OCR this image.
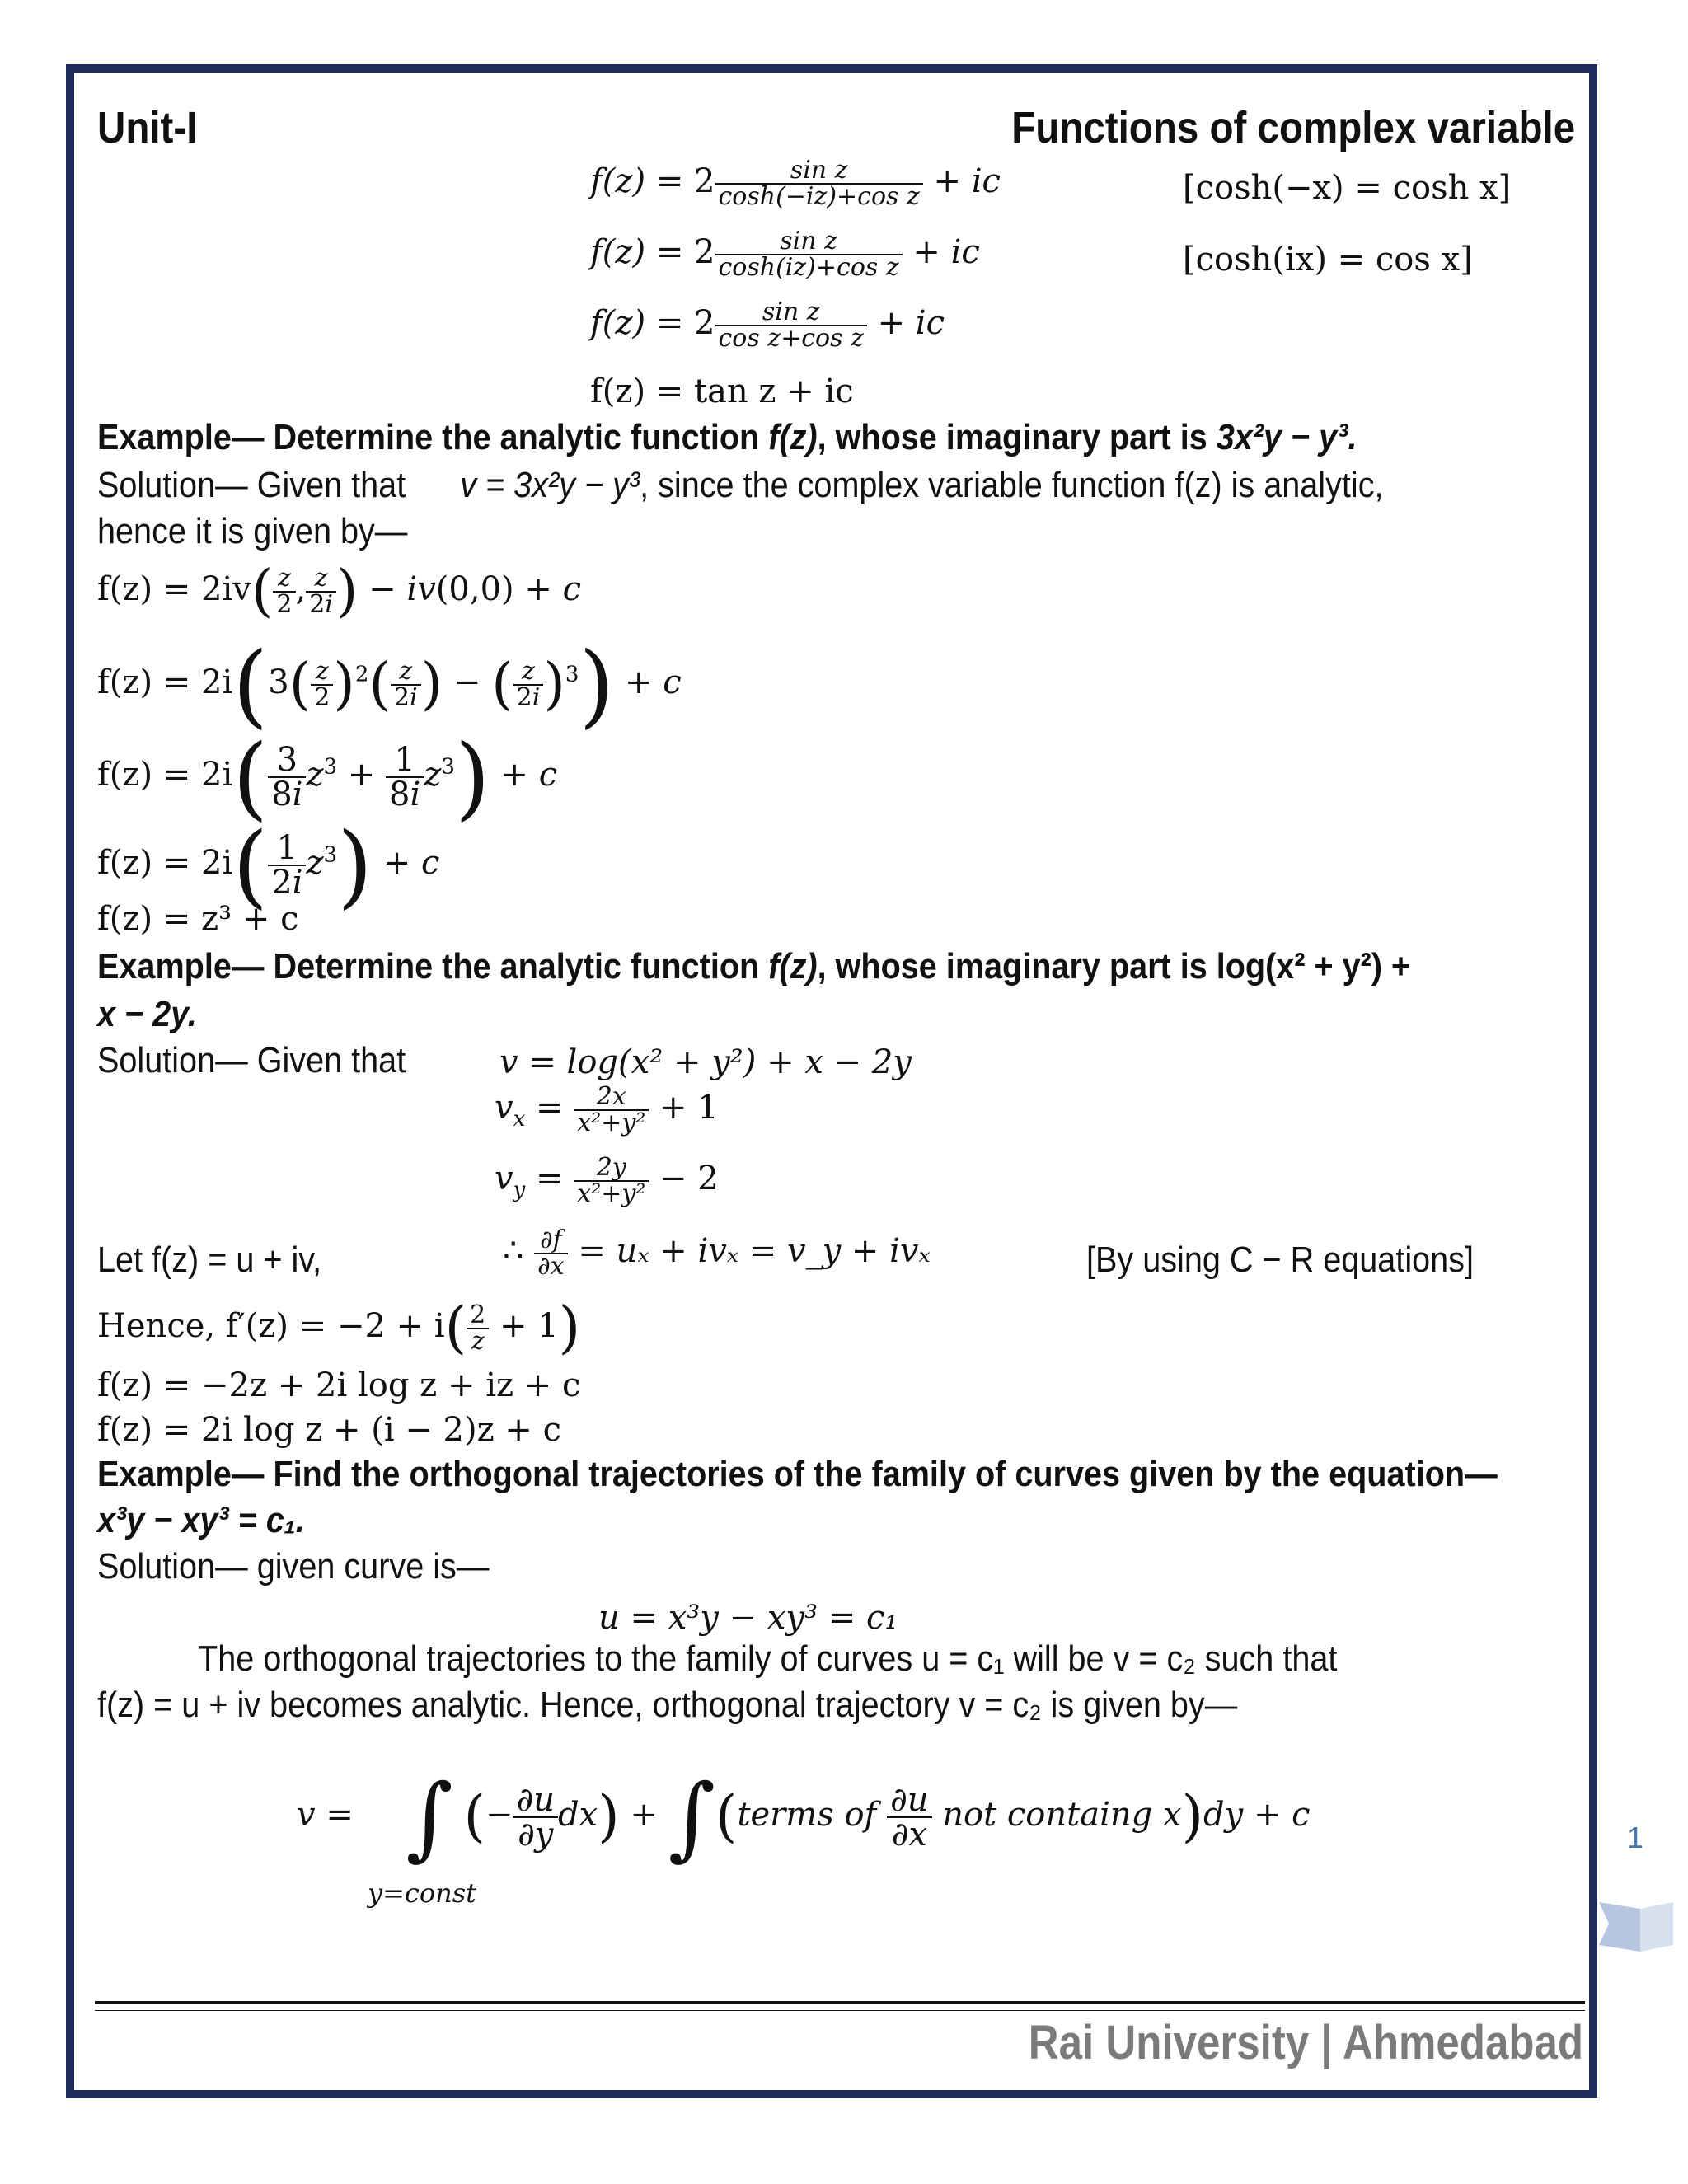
Unit-I	Functions of complex variable
$f(z) = 2 \frac{\text{sin z}}{\text{cosh(−iz)+cos z}}$ + ic	[cosh(−x) = cosh x]
$f(z) = 2 \frac{\text{sin z}}{\text{cosh(iz)+cos z}}$ + ic	[cosh(ix) = cos x]
$f(z) = 2 \frac{\text{sin z}}{\text{cos z+cos z}}$ + ic
f(z) = tan z + ic
Example— Determine the analytic function f(z), whose imaginary part is 3x²y − y³.
Solution— Given that v = 3x²y − y³, since the complex variable function f(z) is analytic,
hence it is given by—
$f(z) = 2iv( \frac{z}{2}$ , $\frac{z}{2i}$ ) − iv(0,0) + c
$f(z) = 2i(3( \frac{z}{2} )^2( \frac{z}{2i}$ ) − ( $\frac{z}{2i} )^3) + c$
$f(z) = 2i( \frac{3}{8i} z^3 + \frac{1}{8i} z^3) + c$
$f(z) = 2i( \frac{1}{2i} z^3) + c$
f(z) = z³ + c
Example— Determine the analytic function f(z), whose imaginary part is log(x² + y²) +
x − 2y.
Solution— Given that	v = log(x² + y²) + x − 2y
$v_x = \frac{2x}{\text{x²+y²}} + 1$
$v_y = \frac{2y}{\text{x²+y²}} - 2$
Let f(z) = u + iv,	∴ $\frac{\partial f}{\partial x} = u_x + iv_x$ = v_y + ivₓ	[By using C − R equations]
Hence, $f'(z) = -2 + i( \frac{2}{z} + 1)$
f(z) = −2z + 2i log z + iz + c
f(z) = 2i log z + (i − 2)z + c
Example— Find the orthogonal trajectories of the family of curves given by the equation—
x³y − xy³ = c₁.
Solution— given curve is—
u = x³y − xy³ = c₁
The orthogonal trajectories to the family of curves u = c₁ will be v = c₂ such that
f(z) = u + iv becomes analytic. Hence, orthogonal trajectory v = c₂ is given by—
v = ∫ (− $\frac{\partial u}{\partial y} dx$) + ∫(terms of $\frac{\partial u}{\partial x}$ not containg x)dy + c
y=const
Rai University | Ahmedabad
1
